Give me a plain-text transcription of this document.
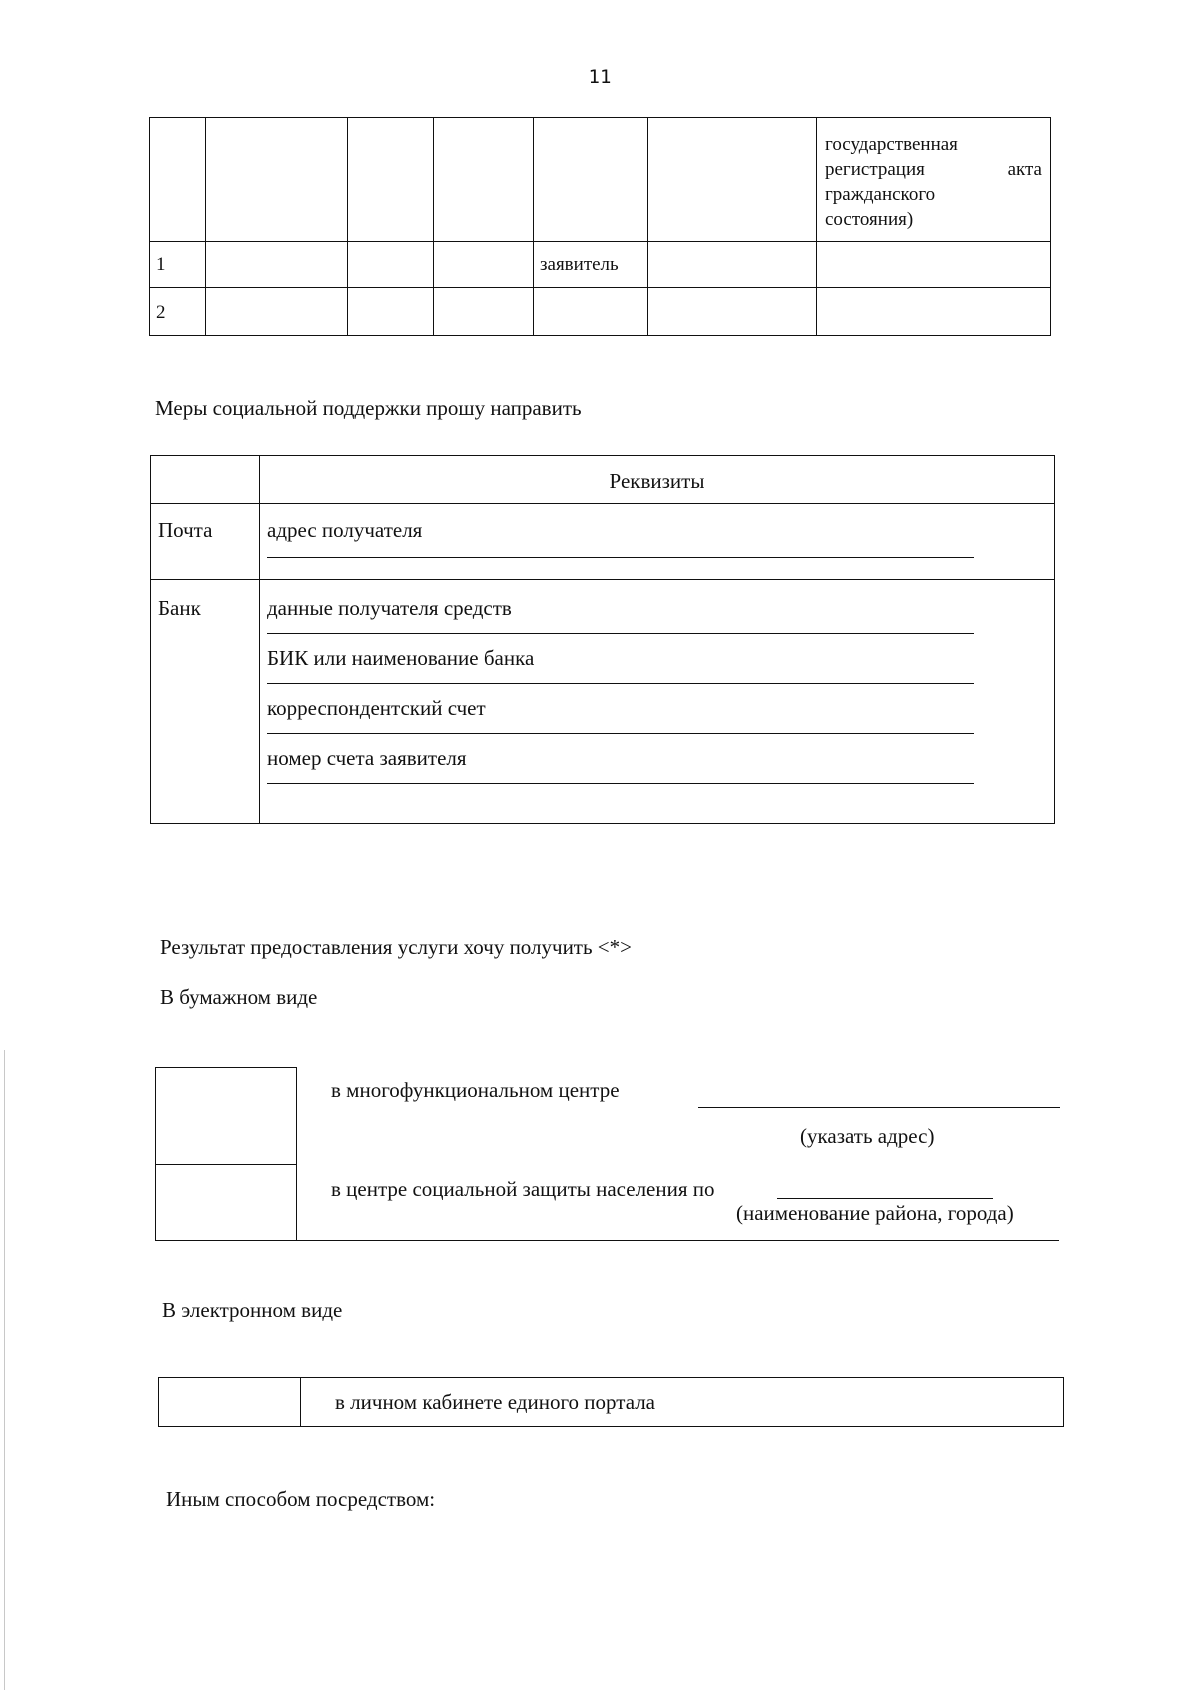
11

						государственная
регистрация акта
гражданского
состояния)

1				заявитель		
2						
Меры социальной поддержки прошу направить
	Реквизиты
Почта	адрес получателя

Банк	данные получателя средств
БИК или наименование банка
корреспондентский счет
номер счета заявителя
Результат предоставления услуги хочу получить <*>
В бумажном виде
в многофункциональном центре
(указать адрес)
в центре социальной защиты населения по
(наименование района, города)
В электронном виде
в личном кабинете единого портала
Иным способом посредством:
